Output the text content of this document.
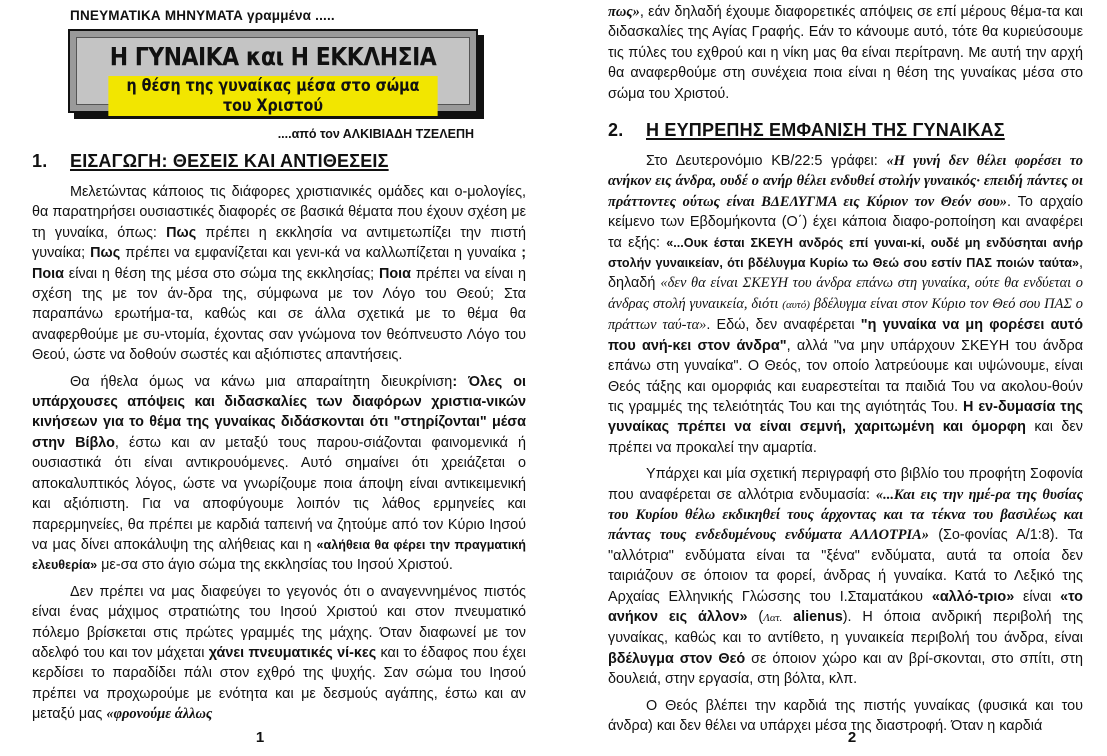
ΠΝΕΥΜΑΤΙΚΑ ΜΗΝΥΜΑΤΑ γραμμένα .....
Η ΓΥΝΑΙΚΑ και Η ΕΚΚΛΗΣΙΑ
η θέση της γυναίκας μέσα στο σώμα του Χριστού
....από τον ΑΛΚΙΒΙΑΔΗ ΤΖΕΛΕΠΗ
1.	ΕΙΣΑΓΩΓΗ: ΘΕΣΕΙΣ ΚΑΙ ΑΝΤΙΘΕΣΕΙΣ

Μελετώντας κάποιος τις διάφορες χριστιανικές ομάδες και ο-μολογίες, θα παρατηρήσει ουσιαστικές διαφορές σε βασικά θέματα που έχουν σχέση με τη γυναίκα, όπως: Πως πρέπει η εκκλησία να αντιμετωπίζει την πιστή γυναίκα; Πως πρέπει να εμφανίζεται και γενι-κά να καλλωπίζεται η γυναίκα ; Ποια είναι η θέση της μέσα στο σώμα της εκκλησίας; Ποια πρέπει να είναι η σχέση της με τον άν-δρα της, σύμφωνα με τον Λόγο του Θεού; Στα παραπάνω ερωτήμα-τα, καθώς και σε άλλα σχετικά με το θέμα θα αναφερθούμε με συ-ντομία, έχοντας σαν γνώμονα τον θεόπνευστο Λόγο του Θεού, ώστε να δοθούν σωστές και αξιόπιστες απαντήσεις.

Θα ήθελα όμως να κάνω μια απαραίτητη διευκρίνιση: Όλες οι υπάρχουσες απόψεις και διδασκαλίες των διαφόρων χριστια-νικών κινήσεων για το θέμα της γυναίκας διδάσκονται ότι "στηρίζονται" μέσα στην Βίβλο, έστω και αν μεταξύ τους παρου-σιάζονται φαινομενικά ή ουσιαστικά ότι είναι αντικρουόμενες. Αυτό σημαίνει ότι χρειάζεται ο αποκαλυπτικός λόγος, ώστε να γνωρίζουμε ποια άποψη είναι αντικειμενική και αξιόπιστη. Για να αποφύγουμε λοιπόν τις λάθος ερμηνείες και παρερμηνείες, θα πρέπει με καρδιά ταπεινή να ζητούμε από τον Κύριο Ιησού να μας δίνει αποκάλυψη της αλήθειας και η «αλήθεια θα φέρει την πραγματική ελευθερία» με-σα στο άγιο σώμα της εκκλησίας του Ιησού Χριστού.

Δεν πρέπει να μας διαφεύγει το γεγονός ότι ο αναγεννημένος πιστός είναι ένας μάχιμος στρατιώτης του Ιησού Χριστού και στον πνευματικό πόλεμο βρίσκεται στις πρώτες γραμμές της μάχης. Όταν διαφωνεί με τον αδελφό του και τον μάχεται χάνει πνευματικές νί-κες και το έδαφος που έχει κερδίσει το παραδίδει πάλι στον εχθρό της ψυχής. Σαν σώμα του Ιησού πρέπει να προχωρούμε με ενότητα και με δεσμούς αγάπης, έστω και αν μεταξύ μας «φρονούμε άλλως

1

πως», εάν δηλαδή έχουμε διαφορετικές απόψεις σε επί μέρους θέμα-τα και διδασκαλίες της Αγίας Γραφής. Εάν το κάνουμε αυτό, τότε θα κυριεύσουμε τις πύλες του εχθρού και η νίκη μας θα είναι περίτρανη. Με αυτή την αρχή θα αναφερθούμε στη συνέχεια ποια είναι η θέση της γυναίκας μέσα στο σώμα του Χριστού.

2.	Η ΕΥΠΡΕΠΗΣ ΕΜΦΑΝΙΣΗ ΤΗΣ ΓΥΝΑΙΚΑΣ

Στο Δευτερονόμιο ΚΒ/22:5 γράφει: «Η γυνή δεν θέλει φορέσει το ανήκον εις άνδρα, ουδέ ο ανήρ θέλει ενδυθεί στολήν γυναικός· επειδή πάντες οι πράττοντες ούτως είναι ΒΔΕΛΥΓΜΑ εις Κύριον τον Θεόν σου». Το αρχαίο κείμενο των Εβδομήκοντα (Ο΄) έχει κάποια διαφο-ροποίηση και αναφέρει τα εξής: «...Ουκ έσται ΣΚΕΥΗ ανδρός επί γυναι-κί, ουδέ μη ενδύσηται ανήρ στολήν γυναικείαν, ότι βδέλυγμα Κυρίω τω Θεώ σου εστίν ΠΑΣ ποιών ταύτα», δηλαδή «δεν θα είναι ΣΚΕΥΗ του άνδρα επάνω στη γυναίκα, ούτε θα ενδύεται ο άνδρας στολή γυναικεία, διότι (αυτό) βδέλυγμα είναι στον Κύριο τον Θεό σου ΠΑΣ ο πράττων ταύ-τα». Εδώ, δεν αναφέρεται "η γυναίκα να μη φορέσει αυτό που ανή-κει στον άνδρα", αλλά "να μην υπάρχουν ΣΚΕΥΗ του άνδρα επάνω στη γυναίκα". Ο Θεός, τον οποίο λατρεύουμε και υψώνουμε, είναι Θεός τάξης και ομορφιάς και ευαρεστείται τα παιδιά Του να ακολου-θούν τις γραμμές της τελειότητάς Του και της αγιότητάς Του. Η εν-δυμασία της γυναίκας πρέπει να είναι σεμνή, χαριτωμένη και όμορφη και δεν πρέπει να προκαλεί την αμαρτία.

Υπάρχει και μία σχετική περιγραφή στο βιβλίο του προφήτη Σοφονία που αναφέρεται σε αλλότρια ενδυμασία: «...Και εις την ημέ-ρα της θυσίας του Κυρίου θέλω εκδικηθεί τους άρχοντας και τα τέκνα του βασιλέως και πάντας τους ενδεδυμένους ενδύματα ΑΛΛΟΤΡΙΑ» (Σο-φονίας Α/1:8). Τα "αλλότρια" ενδύματα είναι τα "ξένα" ενδύματα, αυτά τα οποία δεν ταιριάζουν σε όποιον τα φορεί, άνδρας ή γυναίκα. Κατά το Λεξικό της Αρχαίας Ελληνικής Γλώσσης του Ι.Σταματάκου «αλλό-τριο» είναι «το ανήκον εις άλλον» (Λατ. alienus). Η όποια ανδρική περιβολή της γυναίκας, καθώς και το αντίθετο, η γυναικεία περιβολή του άνδρα, είναι βδέλυγμα στον Θεό σε όποιον χώρο και αν βρί-σκονται, στο σπίτι, στη δουλειά, στην εργασία, στη βόλτα, κλπ.

Ο Θεός βλέπει την καρδιά της πιστής γυναίκας (φυσικά και του άνδρα) και δεν θέλει να υπάρχει μέσα της διαστροφή. Όταν η καρδιά

2
